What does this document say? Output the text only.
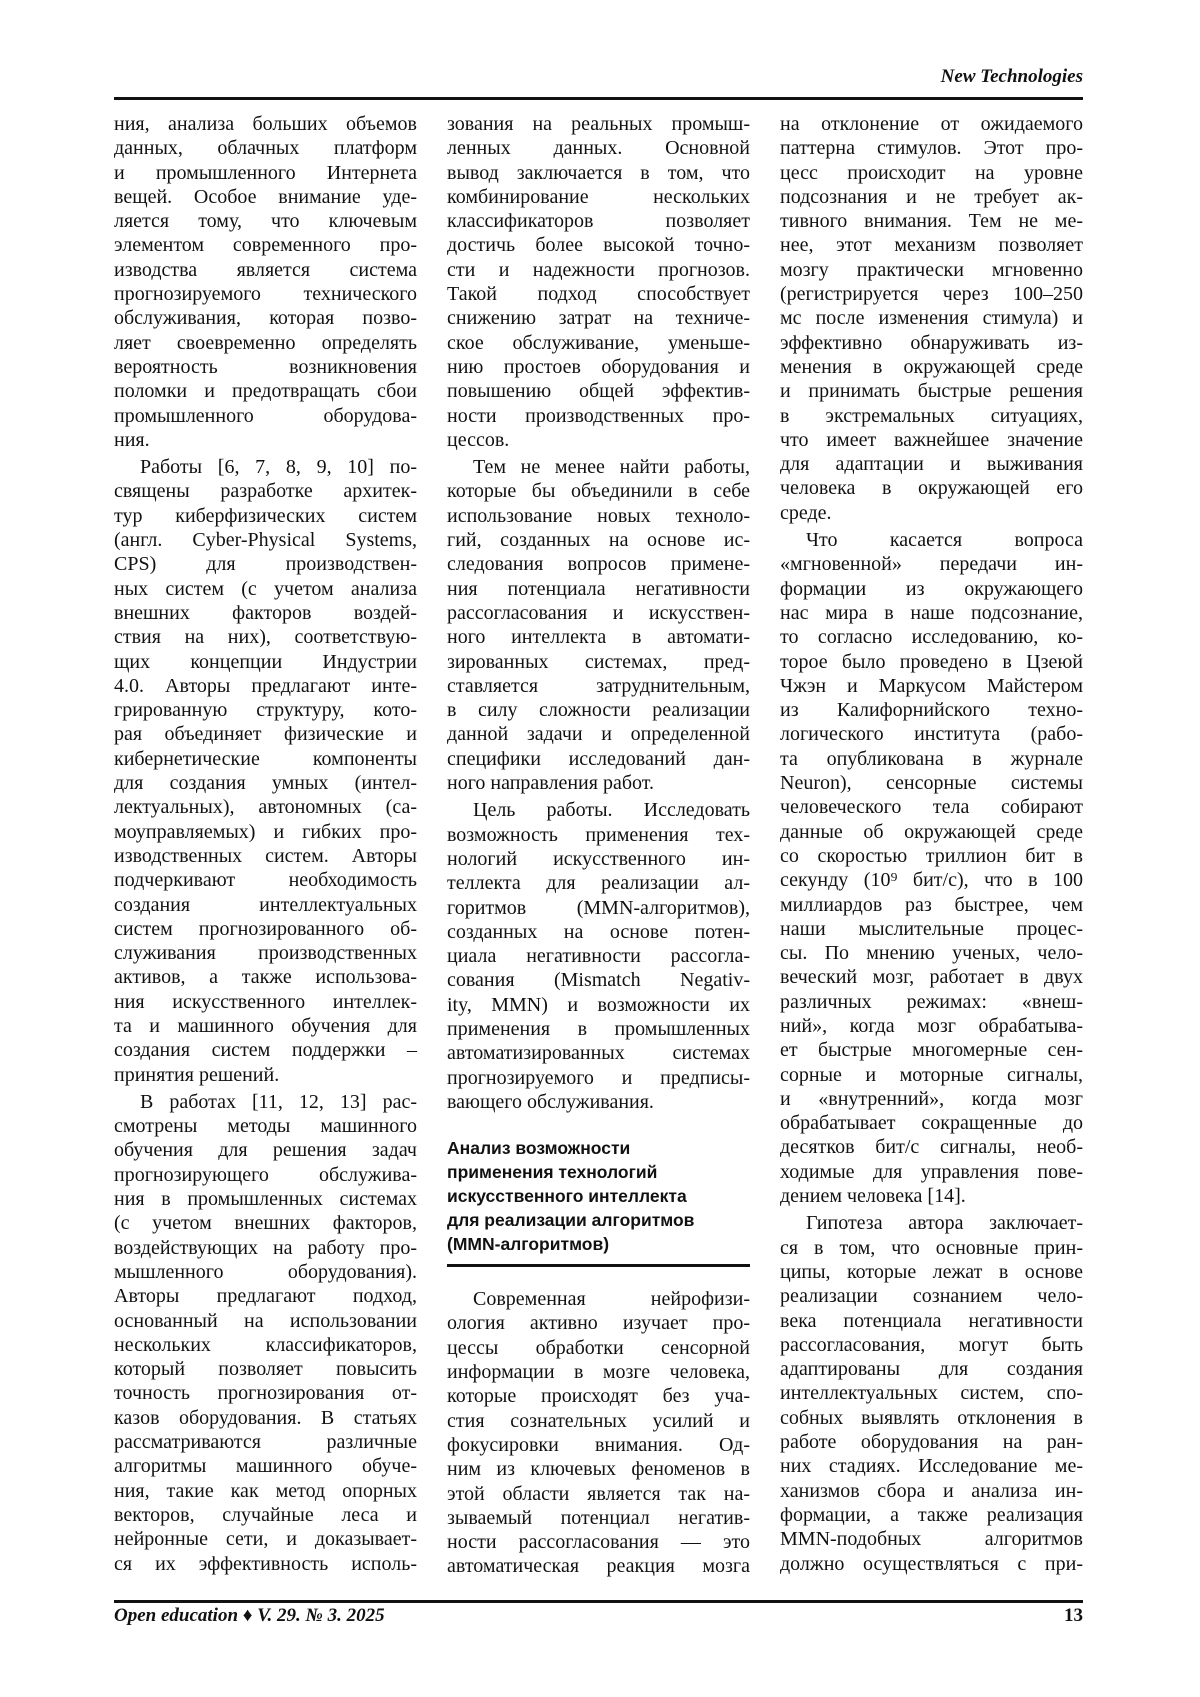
New Technologies
ния, анализа больших объемов
данных, облачных платформ
и промышленного Интернета
вещей. Особое внимание уде-
ляется тому, что ключевым
элементом современного про-
изводства является система
прогнозируемого технического
обслуживания, которая позво-
ляет своевременно определять
вероятность возникновения
поломки и предотвращать сбои
промышленного оборудова-
ния.
Работы [6, 7, 8, 9, 10] по-
священы разработке архитек-
тур киберфизических систем
(англ. Cyber-Physical Systems,
CPS) для производствен-
ных систем (с учетом анализа
внешних факторов воздей-
ствия на них), соответствую-
щих концепции Индустрии
4.0. Авторы предлагают инте-
грированную структуру, кото-
рая объединяет физические и
кибернетические компоненты
для создания умных (интел-
лектуальных), автономных (са-
моуправляемых) и гибких про-
изводственных систем. Авторы
подчеркивают необходимость
создания интеллектуальных
систем прогнозированного об-
служивания производственных
активов, а также использова-
ния искусственного интеллек-
та и машинного обучения для
создания систем поддержки –
принятия решений.
В работах [11, 12, 13] рас-
смотрены методы машинного
обучения для решения задач
прогнозирующего обслужива-
ния в промышленных системах
(с учетом внешних факторов,
воздействующих на работу про-
мышленного оборудования).
Авторы предлагают подход,
основанный на использовании
нескольких классификаторов,
который позволяет повысить
точность прогнозирования от-
казов оборудования. В статьях
рассматриваются различные
алгоритмы машинного обуче-
ния, такие как метод опорных
векторов, случайные леса и
нейронные сети, и доказывает-
ся их эффективность исполь-
зования на реальных промыш-
ленных данных. Основной
вывод заключается в том, что
комбинирование нескольких
классификаторов позволяет
достичь более высокой точно-
сти и надежности прогнозов.
Такой подход способствует
снижению затрат на техниче-
ское обслуживание, уменьше-
нию простоев оборудования и
повышению общей эффектив-
ности производственных про-
цессов.
Тем не менее найти работы,
которые бы объединили в себе
использование новых техноло-
гий, созданных на основе ис-
следования вопросов примене-
ния потенциала негативности
рассогласования и искусствен-
ного интеллекта в автомати-
зированных системах, пред-
ставляется затруднительным,
в силу сложности реализации
данной задачи и определенной
специфики исследований дан-
ного направления работ.
Цель работы. Исследовать
возможность применения тех-
нологий искусственного ин-
теллекта для реализации ал-
горитмов (MMN-алгоритмов),
созданных на основе потен-
циала негативности рассогла-
сования (Mismatch Negativ-
ity, MMN) и возможности их
применения в промышленных
автоматизированных системах
прогнозируемого и предписы-
вающего обслуживания.
Анализ возможности
применения технологий
искусственного интеллекта
для реализации алгоритмов
(MMN-алгоритмов)
Современная нейрофизи-
ология активно изучает про-
цессы обработки сенсорной
информации в мозге человека,
которые происходят без уча-
стия сознательных усилий и
фокусировки внимания. Од-
ним из ключевых феноменов в
этой области является так на-
зываемый потенциал негатив-
ности рассогласования — это
автоматическая реакция мозга
на отклонение от ожидаемого
паттерна стимулов. Этот про-
цесс происходит на уровне
подсознания и не требует ак-
тивного внимания. Тем не ме-
нее, этот механизм позволяет
мозгу практически мгновенно
(регистрируется через 100–250
мс после изменения стимула) и
эффективно обнаруживать из-
менения в окружающей среде
и принимать быстрые решения
в экстремальных ситуациях,
что имеет важнейшее значение
для адаптации и выживания
человека в окружающей его
среде.
Что касается вопроса
«мгновенной» передачи ин-
формации из окружающего
нас мира в наше подсознание,
то согласно исследованию, ко-
торое было проведено в Цзеюй
Чжэн и Маркусом Майстером
из Калифорнийского техно-
логического института (рабо-
та опубликована в журнале
Neuron), сенсорные системы
человеческого тела собирают
данные об окружающей среде
со скоростью триллион бит в
секунду (10⁹ бит/с), что в 100
миллиардов раз быстрее, чем
наши мыслительные процес-
сы. По мнению ученых, чело-
веческий мозг, работает в двух
различных режимах: «внеш-
ний», когда мозг обрабатыва-
ет быстрые многомерные сен-
сорные и моторные сигналы,
и «внутренний», когда мозг
обрабатывает сокращенные до
десятков бит/с сигналы, необ-
ходимые для управления пове-
дением человека [14].
Гипотеза автора заключает-
ся в том, что основные прин-
ципы, которые лежат в основе
реализации сознанием чело-
века потенциала негативности
рассогласования, могут быть
адаптированы для создания
интеллектуальных систем, спо-
собных выявлять отклонения в
работе оборудования на ран-
них стадиях. Исследование ме-
ханизмов сбора и анализа ин-
формации, а также реализация
MMN-подобных алгоритмов
должно осуществляться с при-
Open education ♦ V. 29. № 3. 2025	13
